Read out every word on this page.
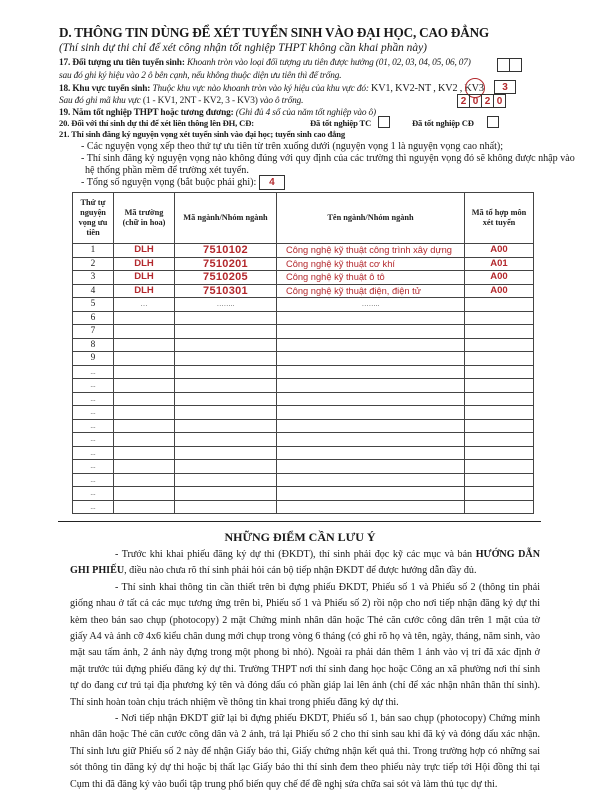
D. THÔNG TIN DÙNG ĐỂ XÉT TUYỂN SINH VÀO ĐẠI HỌC, CAO ĐẲNG
(Thí sinh dự thi chỉ để xét công nhận tốt nghiệp THPT không cần khai phần này)
17. Đối tượng ưu tiên tuyển sinh: Khoanh tròn vào loại đối tượng ưu tiên được hưởng (01, 02, 03, 04, 05, 06, 07)
sau đó ghi ký hiệu vào 2 ô bên cạnh, nếu không thuộc diện ưu tiên thì để trống.
18. Khu vực tuyển sinh: Thuộc khu vực nào khoanh tròn vào ký hiệu của khu vực đó: KV1, KV2-NT , KV2 , KV3	3
Sau đó ghi mã khu vực (1 - KV1, 2NT - KV2, 3 - KV3) vào ô trống.
19. Năm tốt nghiệp THPT hoặc tương đương: (Ghi đủ 4 số của năm tốt nghiệp vào ô)
2 0 2 0
20. Đối với thí sinh dự thi để xét liên thông lên ĐH, CĐ:	Đã tốt nghiệp TC	Đã tốt nghiệp CĐ
21. Thí sinh đăng ký nguyện vọng xét tuyển sinh vào đại học; tuyển sinh cao đẳng
- Các nguyện vọng xếp theo thứ tự ưu tiên từ trên xuống dưới (nguyện vọng 1 là nguyện vọng cao nhất);
- Thí sinh đăng ký nguyện vọng nào không đúng với quy định của các trường thì nguyện vọng đó sẽ không được nhập vào
hệ thống phần mềm để trường xét tuyển.
- Tổng số nguyện vọng (bắt buộc phải ghi): 4
Thứ tự nguyện vọng ưu tiên	Mã trường (chữ in hoa)	Mã ngành/Nhóm ngành	Tên ngành/Nhóm ngành	Mã tổ hợp môn xét tuyển
1	DLH	7510102	Công nghệ kỹ thuật công trình xây dựng	A00
2	DLH	7510201	Công nghệ kỹ thuật cơ khí	A01
3	DLH	7510205	Công nghệ kỹ thuật ô tô	A00
4	DLH	7510301	Công nghệ kỹ thuật điện, điện tử	A00
5	…	……..	……..	
6				
7				
8				
9				
...				
...				
...				
...				
...				
...				
...				
...				
...				
...				
...				
NHỮNG ĐIỂM CẦN LƯU Ý

- Trước khi khai phiếu đăng ký dự thi (ĐKDT), thí sinh phải đọc kỹ các mục và bản HƯỚNG DẪN GHI PHIẾU, điều nào chưa rõ thí sinh phải hỏi cán bộ tiếp nhận ĐKDT để được hướng dẫn đầy đủ.

- Thí sinh khai thông tin cần thiết trên bì đựng phiếu ĐKDT, Phiếu số 1 và Phiếu số 2 (thông tin phải giống nhau ở tất cả các mục tương ứng trên bì, Phiếu số 1 và Phiếu số 2) rồi nộp cho nơi tiếp nhận đăng ký dự thi kèm theo bản sao chụp (photocopy) 2 mặt Chứng minh nhân dân hoặc Thẻ căn cước công dân trên 1 mặt của tờ giấy A4 và ảnh cỡ 4x6 kiểu chân dung mới chụp trong vòng 6 tháng (có ghi rõ họ và tên, ngày, tháng, năm sinh, vào mặt sau tấm ảnh, 2 ảnh này đựng trong một phong bì nhỏ). Ngoài ra phải dán thêm 1 ảnh vào vị trí đã xác định ở mặt trước túi đựng phiếu đăng ký dự thi. Trường THPT nơi thí sinh đang học hoặc Công an xã phường nơi thí sinh tự do đang cư trú tại địa phương ký tên và đóng dấu có phần giáp lai lên ảnh (chỉ để xác nhận nhân thân thí sinh). Thí sinh hoàn toàn chịu trách nhiệm về thông tin khai trong phiếu đăng ký dự thi.

- Nơi tiếp nhận ĐKDT giữ lại bì đựng phiếu ĐKDT, Phiếu số 1, bản sao chụp (photocopy) Chứng minh nhân dân hoặc Thẻ căn cước công dân và 2 ảnh, trả lại Phiếu số 2 cho thí sinh sau khi đã ký và đóng dấu xác nhận. Thí sinh lưu giữ Phiếu số 2 này để nhận Giấy báo thi, Giấy chứng nhận kết quả thi. Trong trường hợp có những sai sót thông tin đăng ký dự thi hoặc bị thất lạc Giấy báo thi thí sinh đem theo phiếu này trực tiếp tới Hội đồng thi tại Cụm thi đã đăng ký vào buổi tập trung phổ biến quy chế để đề nghị sửa chữa sai sót và làm thủ tục dự thi.
